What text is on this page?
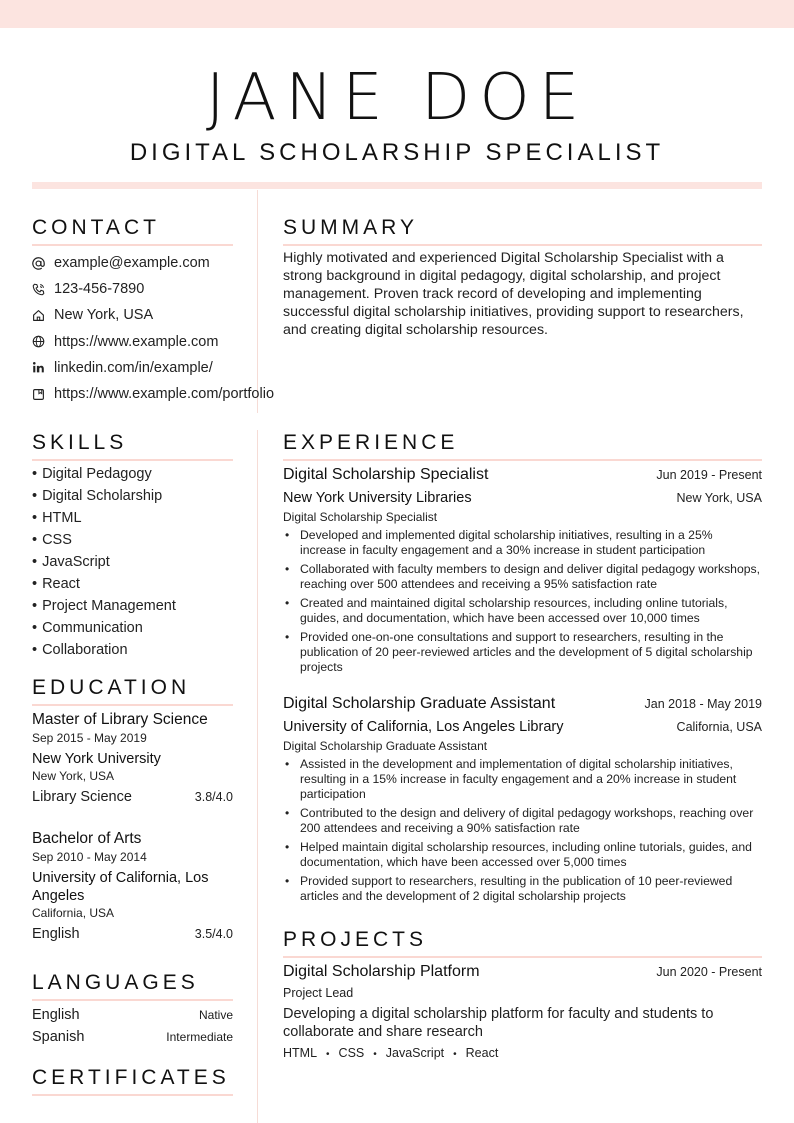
JANE DOE
DIGITAL SCHOLARSHIP SPECIALIST
CONTACT
example@example.com
123-456-7890
New York, USA
https://www.example.com
linkedin.com/in/example/
https://www.example.com/portfolio
SUMMARY
Highly motivated and experienced Digital Scholarship Specialist with a strong background in digital pedagogy, digital scholarship, and project management. Proven track record of developing and implementing successful digital scholarship initiatives, providing support to researchers, and creating digital scholarship resources.
SKILLS
• Digital Pedagogy
• Digital Scholarship
• HTML
• CSS
• JavaScript
• React
• Project Management
• Communication
• Collaboration
EDUCATION
Master of Library Science
Sep 2015 - May 2019
New York University
New York, USA
Library Science	3.8/4.0
Bachelor of Arts
Sep 2010 - May 2014
University of California, Los Angeles
California, USA
English	3.5/4.0
LANGUAGES
English	Native
Spanish	Intermediate
CERTIFICATES
EXPERIENCE
Digital Scholarship Specialist	Jun 2019 - Present
New York University Libraries	New York, USA
Digital Scholarship Specialist
• Developed and implemented digital scholarship initiatives, resulting in a 25% increase in faculty engagement and a 30% increase in student participation
• Collaborated with faculty members to design and deliver digital pedagogy workshops, reaching over 500 attendees and receiving a 95% satisfaction rate
• Created and maintained digital scholarship resources, including online tutorials, guides, and documentation, which have been accessed over 10,000 times
• Provided one-on-one consultations and support to researchers, resulting in the publication of 20 peer-reviewed articles and the development of 5 digital scholarship projects
Digital Scholarship Graduate Assistant	Jan 2018 - May 2019
University of California, Los Angeles Library	California, USA
Digital Scholarship Graduate Assistant
• Assisted in the development and implementation of digital scholarship initiatives, resulting in a 15% increase in faculty engagement and a 20% increase in student participation
• Contributed to the design and delivery of digital pedagogy workshops, reaching over 200 attendees and receiving a 90% satisfaction rate
• Helped maintain digital scholarship resources, including online tutorials, guides, and documentation, which have been accessed over 5,000 times
• Provided support to researchers, resulting in the publication of 10 peer-reviewed articles and the development of 2 digital scholarship projects
PROJECTS
Digital Scholarship Platform	Jun 2020 - Present
Project Lead
Developing a digital scholarship platform for faculty and students to collaborate and share research
HTML • CSS • JavaScript • React
